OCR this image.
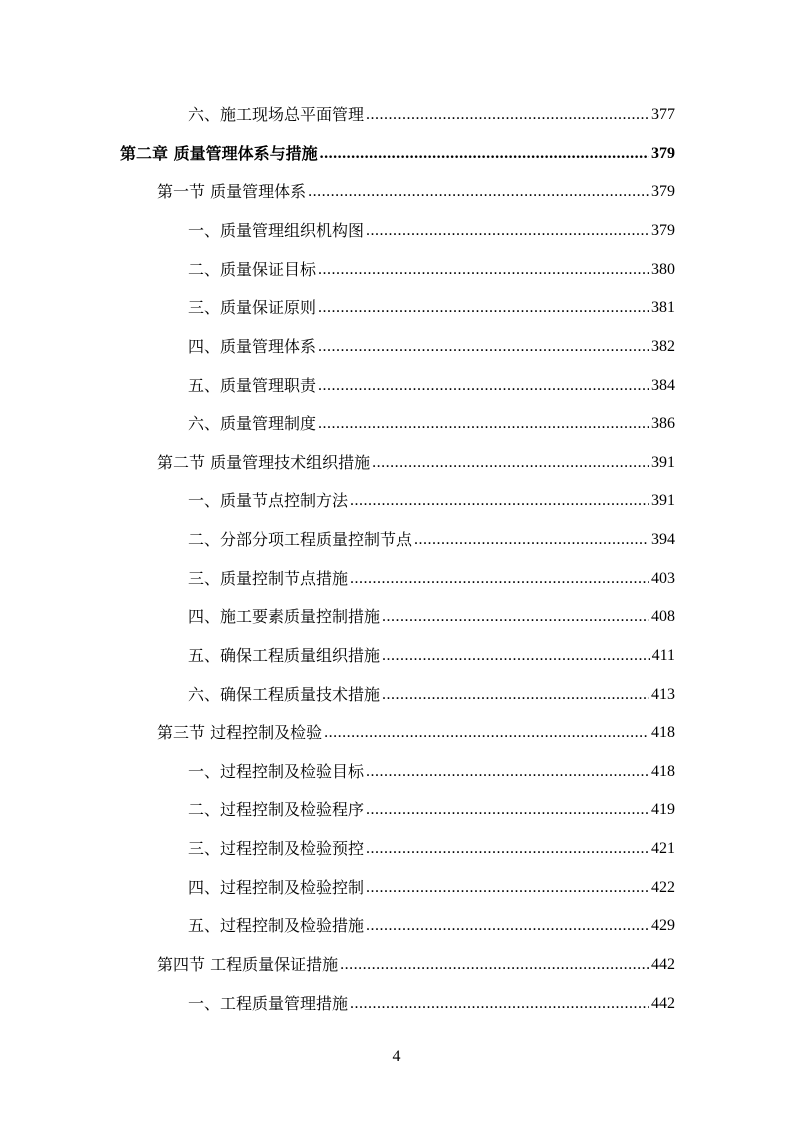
六、施工现场总平面管理 .....	377
第二章 质量管理体系与措施 .....	379
第一节 质量管理体系 .....	379
一、质量管理组织机构图 .....	379
二、质量保证目标 .....	380
三、质量保证原则 .....	381
四、质量管理体系 .....	382
五、质量管理职责 .....	384
六、质量管理制度 .....	386
第二节 质量管理技术组织措施 .....	391
一、质量节点控制方法 .....	391
二、分部分项工程质量控制节点 .....	394
三、质量控制节点措施 .....	403
四、施工要素质量控制措施 .....	408
五、确保工程质量组织措施 .....	411
六、确保工程质量技术措施 .....	413
第三节 过程控制及检验 .....	418
一、过程控制及检验目标 .....	418
二、过程控制及检验程序 .....	419
三、过程控制及检验预控 .....	421
四、过程控制及检验控制 .....	422
五、过程控制及检验措施 .....	429
第四节 工程质量保证措施 .....	442
一、工程质量管理措施 .....	442
4
